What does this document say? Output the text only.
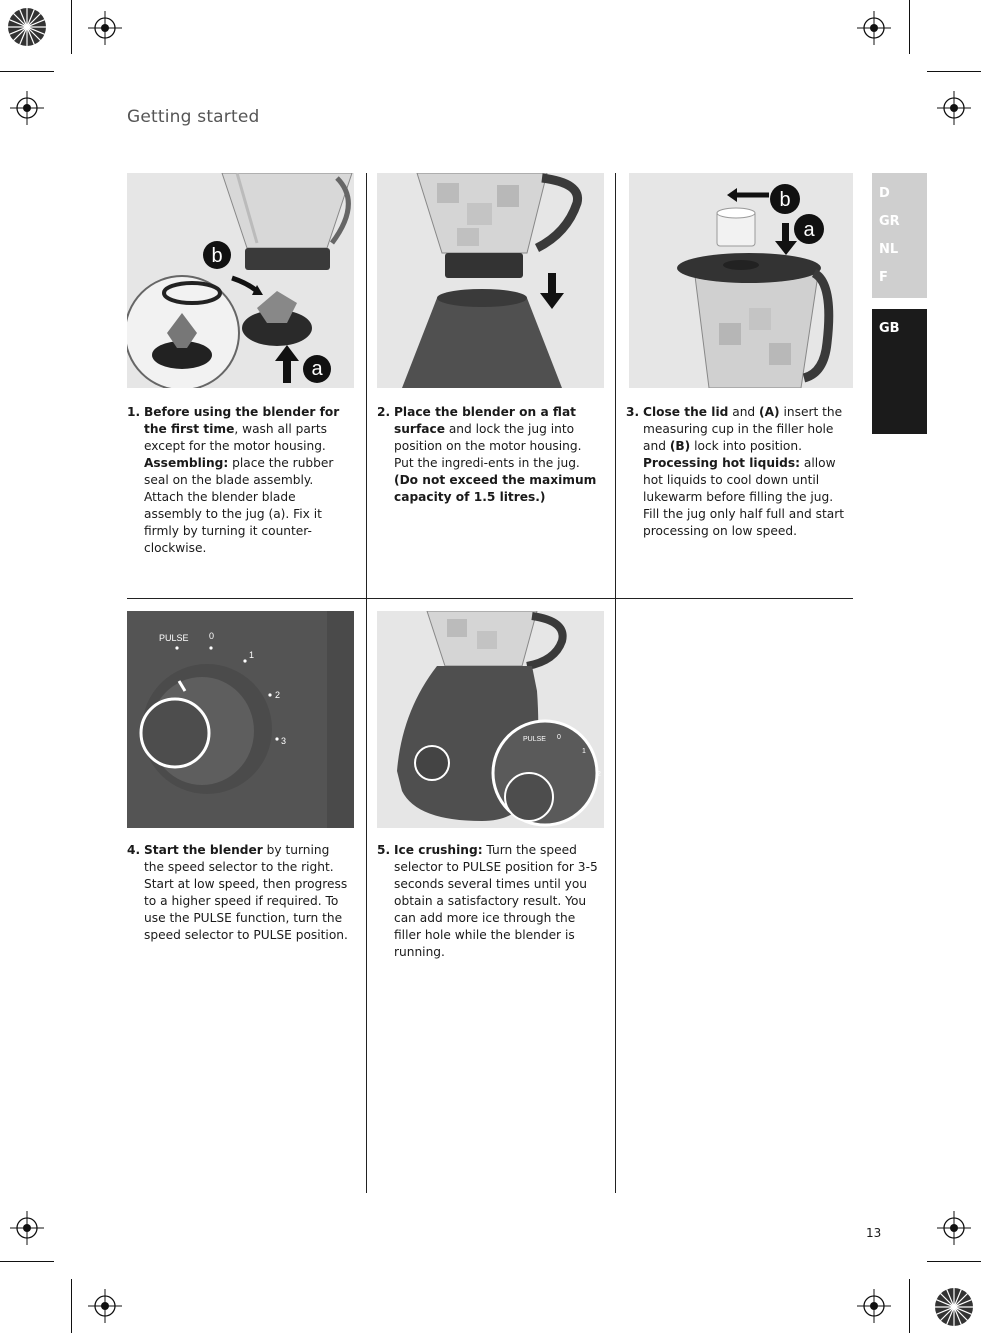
Getting started
D
GR
NL
F
GB
b
a
b
a
PULSE 0
1
2
3	PULSE 0
1
2
1. Before using the blender for the first time, wash all parts except for the motor housing. Assembling: place the rubber seal on the blade assembly. Attach the blender blade assembly to the jug (a). Fix it firmly by turning it counter-clockwise.
2. Place the blender on a flat surface and lock the jug into position on the motor housing. Put the ingredi-ents in the jug. (Do not exceed the maximum capacity of 1.5 litres.)
3. Close the lid and (A) insert the measuring cup in the filler hole and (B) lock into position. Processing hot liquids: allow hot liquids to cool down until lukewarm before filling the jug. Fill the jug only half full and start processing on low speed.
4. Start the blender by turning the speed selector to the right. Start at low speed, then progress to a higher speed if required. To use the PULSE function, turn the speed selector to PULSE position.
5. Ice crushing: Turn the speed selector to PULSE position for 3-5 seconds several times until you obtain a satisfactory result. You can add more ice through the filler hole while the blender is running.
13
